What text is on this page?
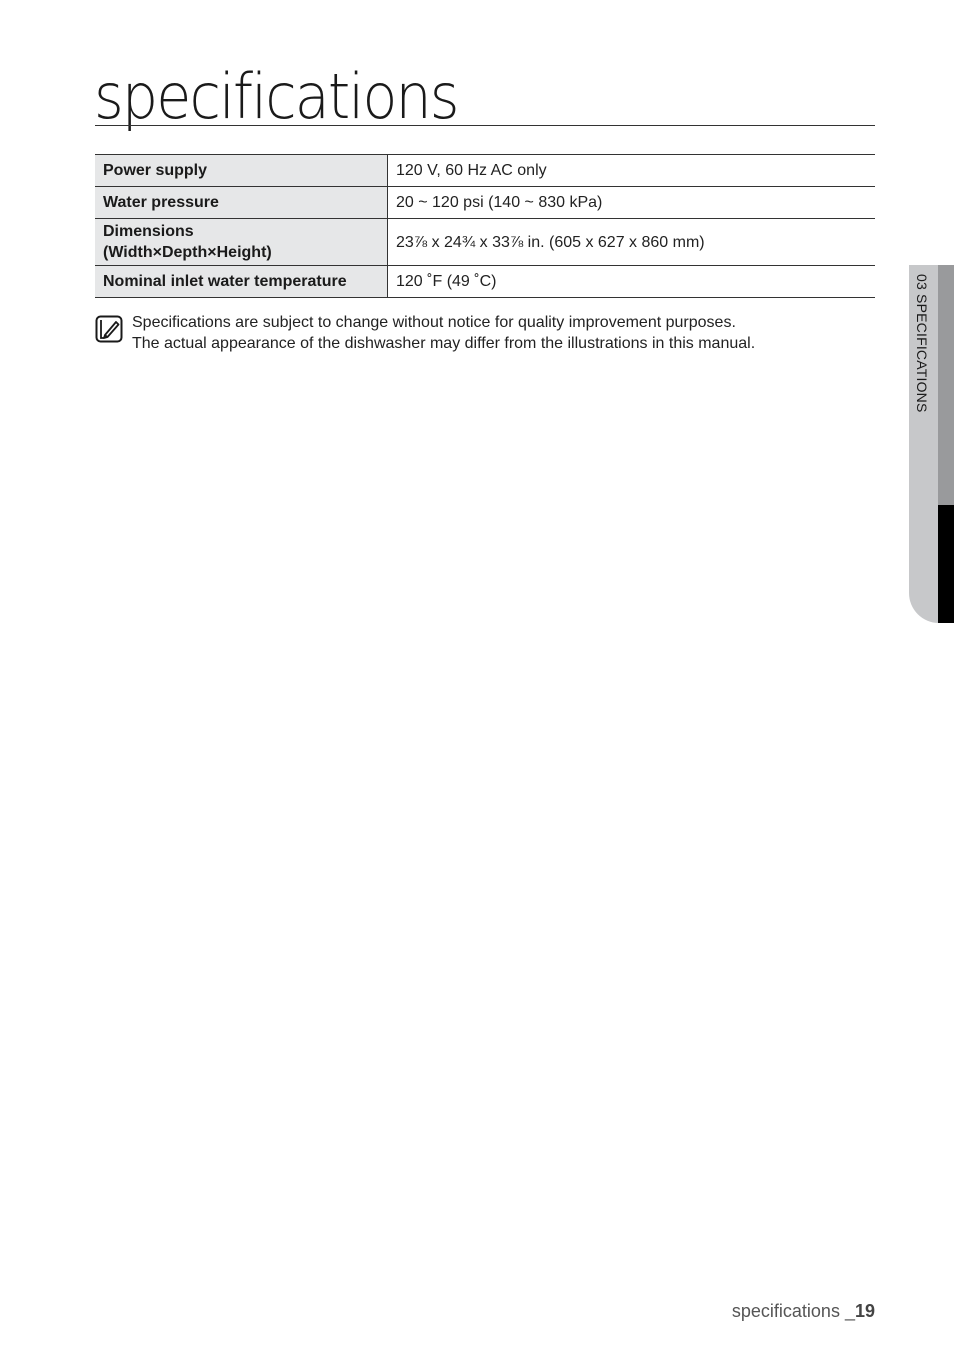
specifications
Power supply	120 V, 60 Hz AC only
Water pressure	20 ~ 120 psi (140 ~ 830 kPa)

Dimensions
(Width×Depth×Height)	23⅞ x 24¾ x 33⅞ in. (605 x 627 x 860 mm)
Nominal inlet water temperature	120 ˚F (49 ˚C)
Specifications are subject to change without notice for quality improvement purposes.
The actual appearance of the dishwasher may differ from the illustrations in this manual.	03 SPECIFICATIONS
specifications _19
